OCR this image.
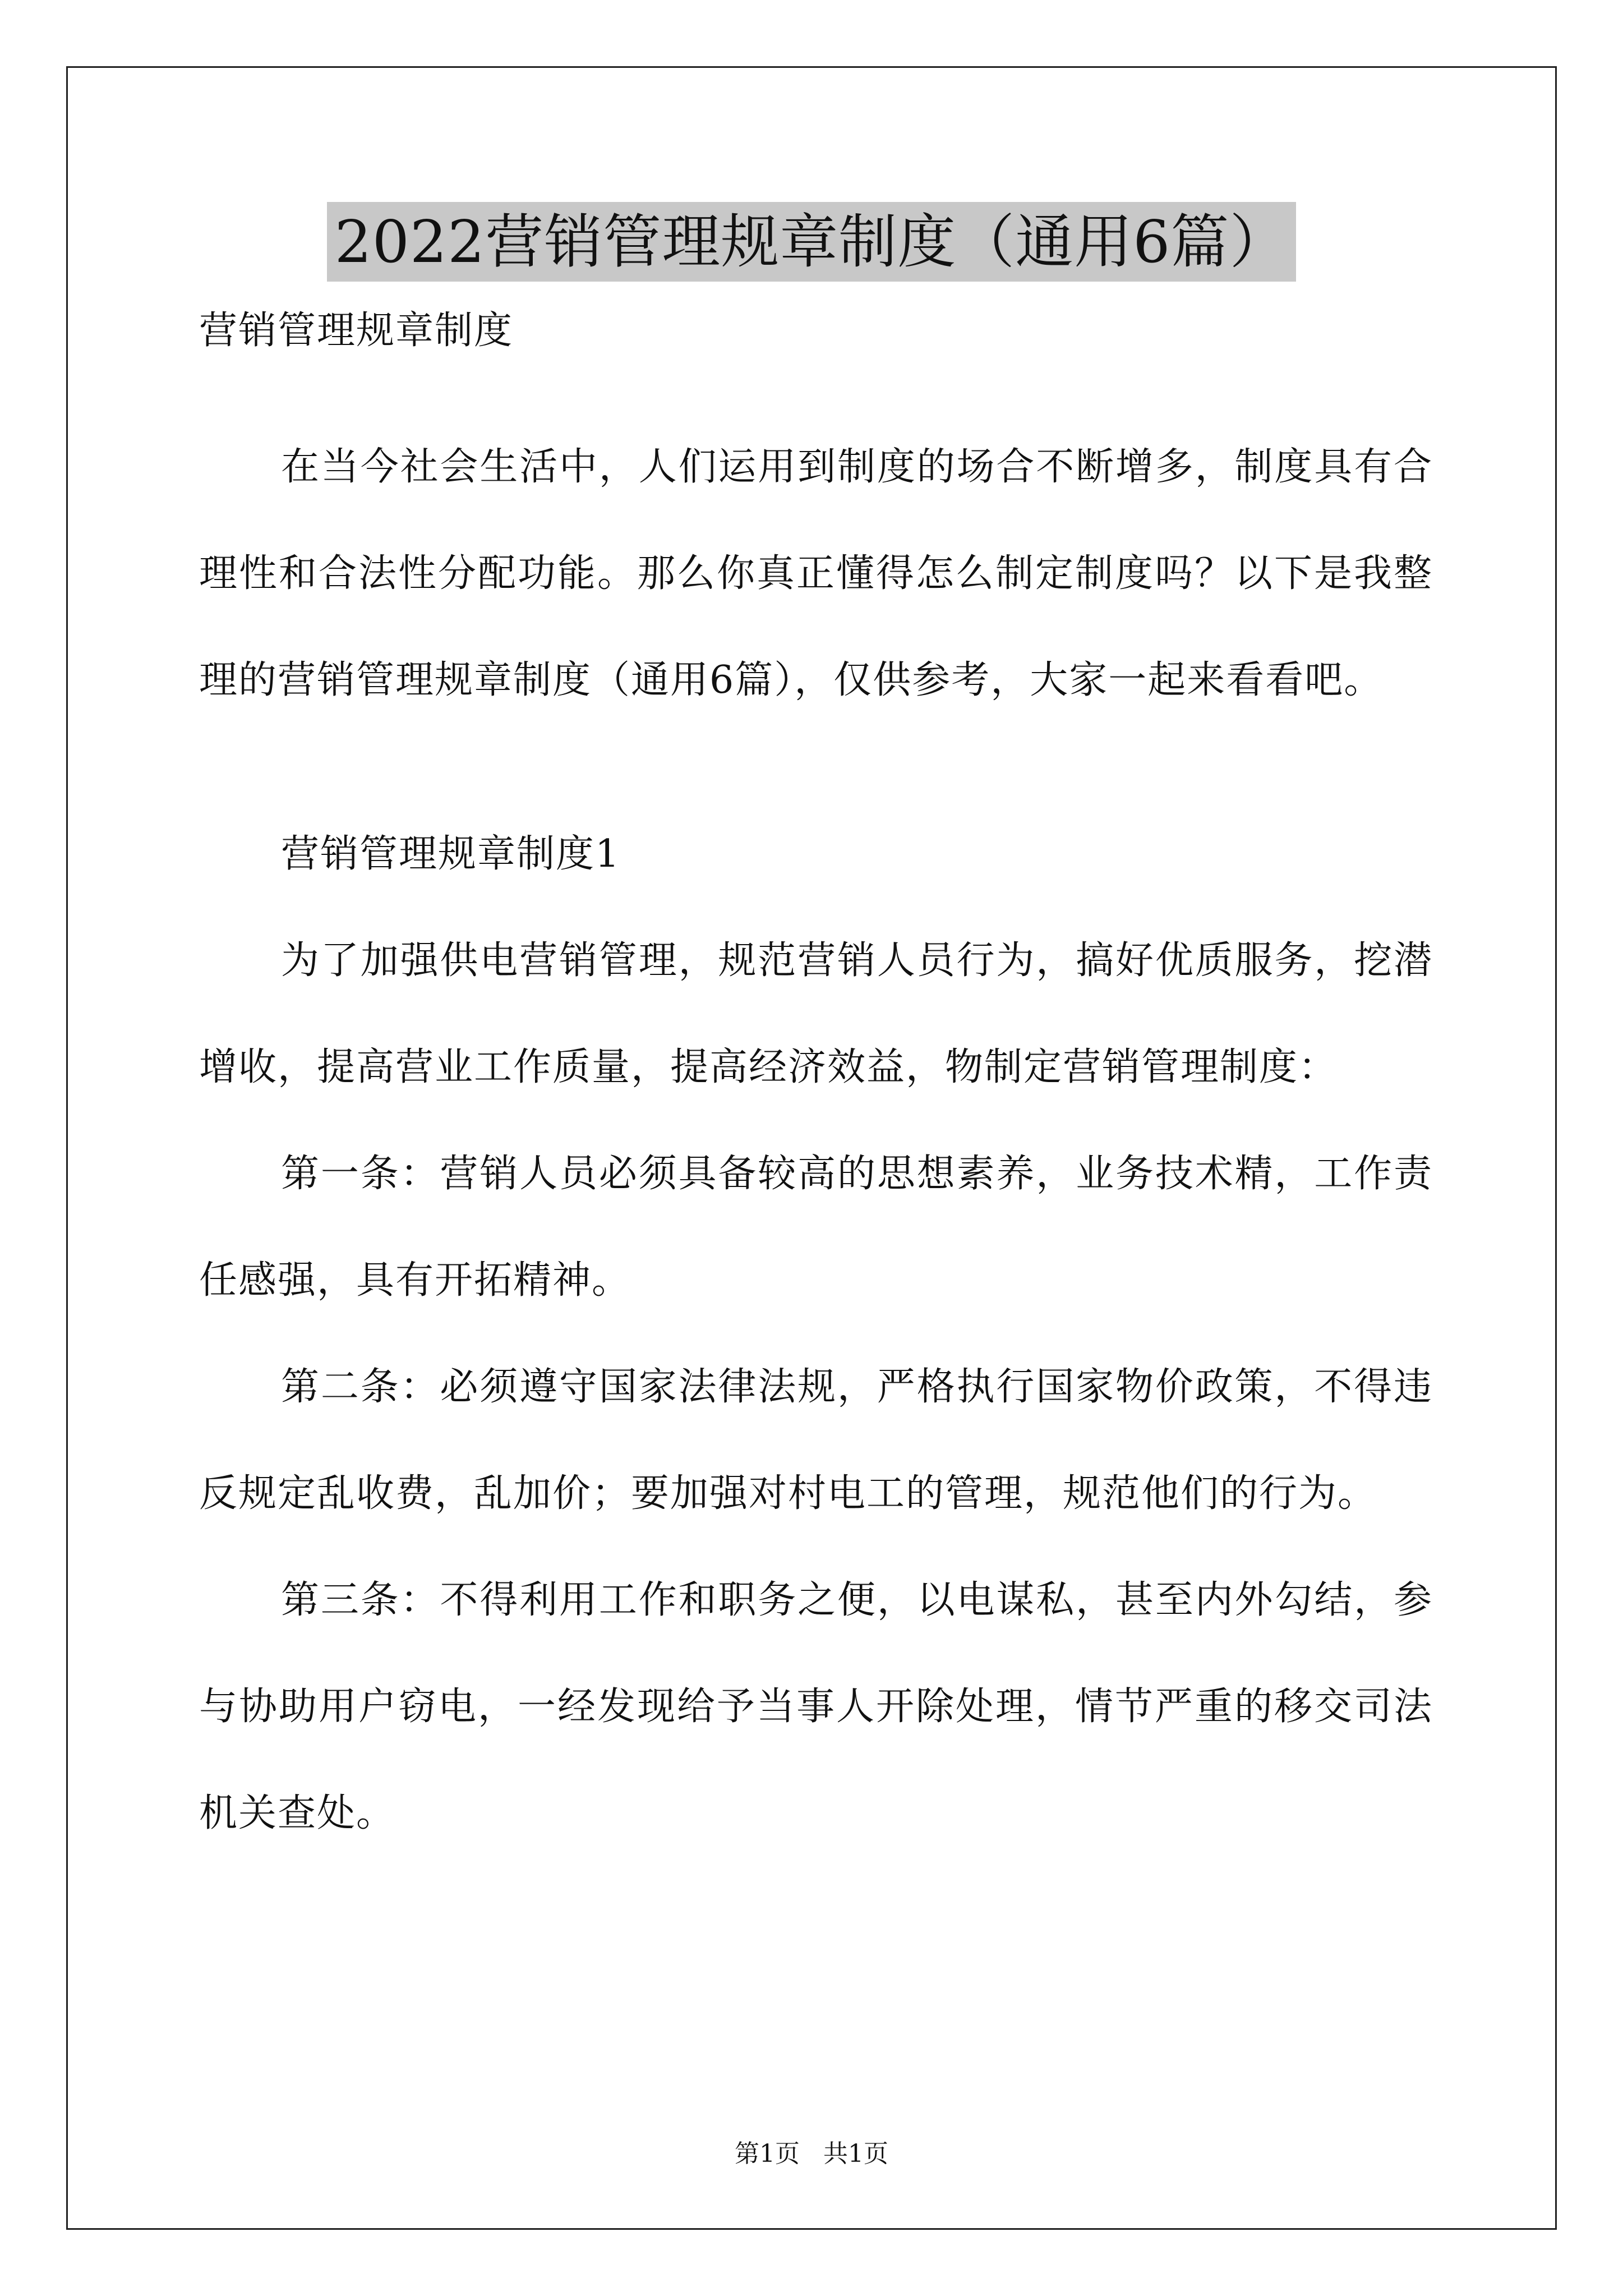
2022营销管理规章制度（通用6篇）

营销管理规章制度

在当今社会生活中，人们运用到制度的场合不断增多，制度具有合理性和合法性分配功能。那么你真正懂得怎么制定制度吗？以下是我整理的营销管理规章制度（通用6篇），仅供参考，大家一起来看看吧。

营销管理规章制度1

为了加强供电营销管理，规范营销人员行为，搞好优质服务，挖潜增收，提高营业工作质量，提高经济效益，物制定营销管理制度：

第一条：营销人员必须具备较高的思想素养，业务技术精，工作责任感强，具有开拓精神。

第二条：必须遵守国家法律法规，严格执行国家物价政策，不得违反规定乱收费，乱加价；要加强对村电工的管理，规范他们的行为。

第三条：不得利用工作和职务之便，以电谋私，甚至内外勾结，参与协助用户窃电，一经发现给予当事人开除处理，情节严重的移交司法机关查处。

第1页 共1页
